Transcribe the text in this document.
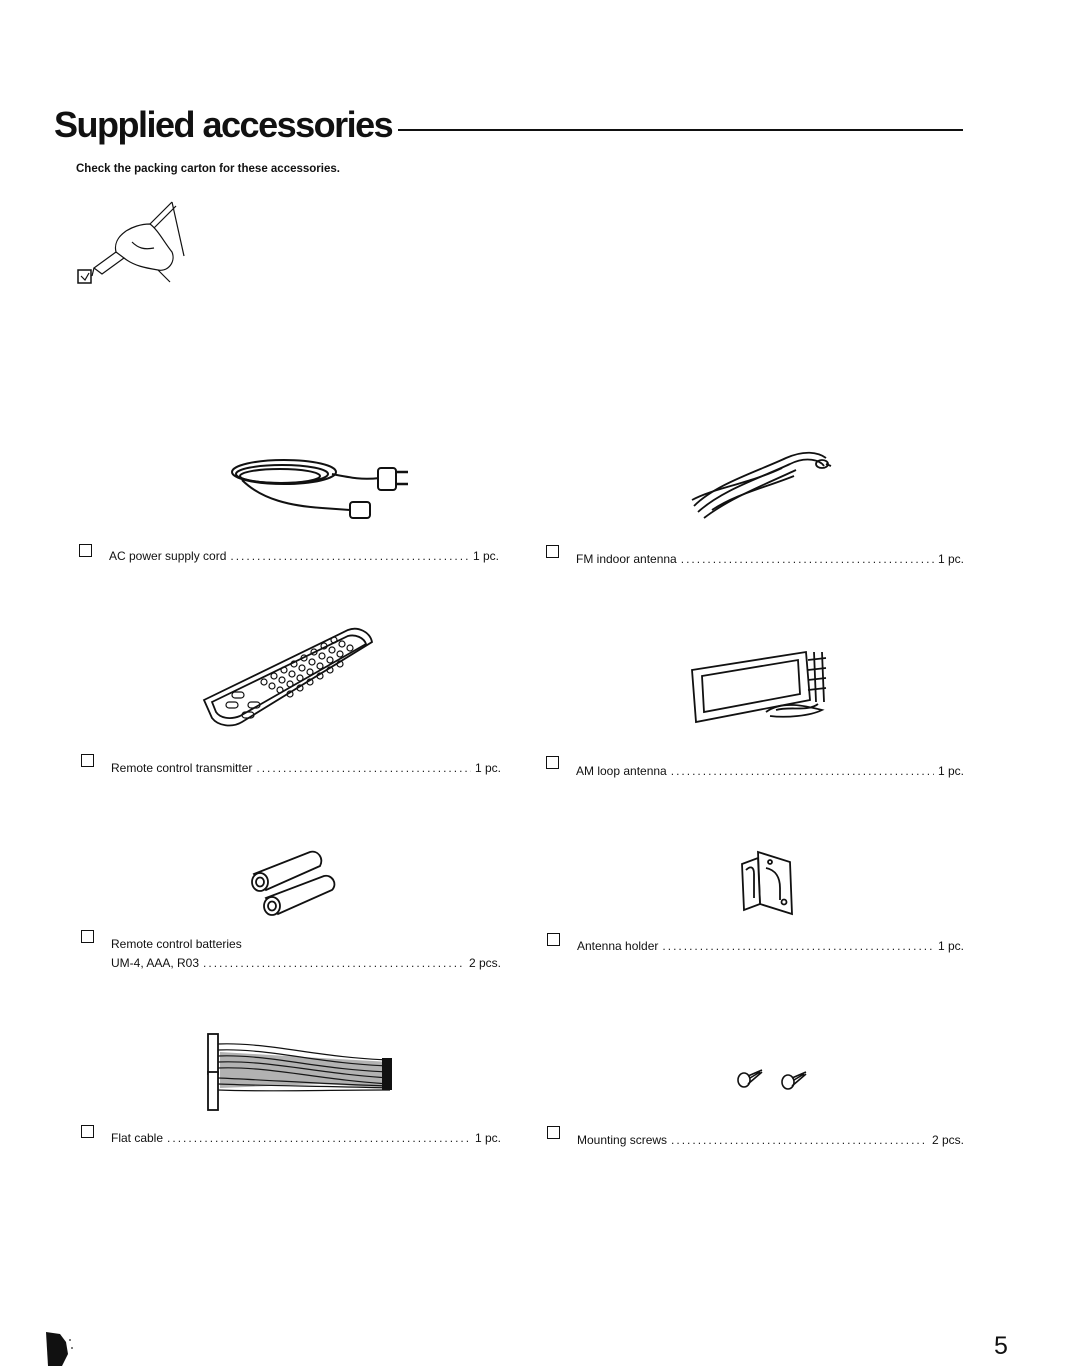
Supplied accessories
Check the packing carton for these accessories.
AC power supply cord .....	1 pc.	FM indoor antenna .....	1 pc.
Remote control transmitter .....	1 pc.	AM loop antenna .....	1 pc.
Remote control batteries
UM-4, AAA, R03 .....	2 pcs.
Antenna holder .....	1 pc.
Flat cable .....	1 pc.	Mounting screws .....	2 pcs.
5
